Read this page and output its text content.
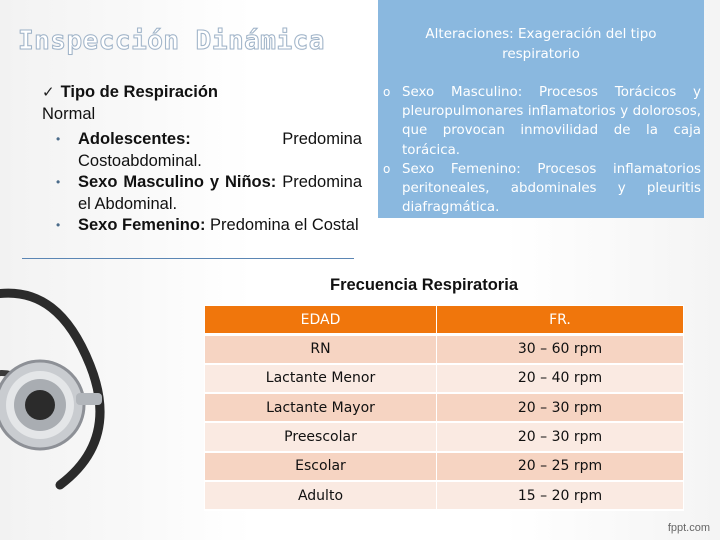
Inspección Dinámica
✓ Tipo de Respiración
Normal
• Adolescentes: Predomina Costoabdominal.
• Sexo Masculino y Niños: Predomina el Abdominal.
• Sexo Femenino: Predomina el Costal
Alteraciones: Exageración del tipo
respiratorio
o Sexo Masculino: Procesos Torácicos y pleuropulmonares inflamatorios y dolorosos, que provocan inmovilidad de la caja torácica.
o Sexo Femenino: Procesos inflamatorios peritoneales, abdominales y pleuritis diafragmática.
Frecuencia Respiratoria
EDAD	FR.
RN	30 – 60 rpm
Lactante Menor	20 – 40 rpm
Lactante Mayor	20 – 30 rpm
Preescolar	20 – 30 rpm
Escolar	20 – 25 rpm
Adulto	15 – 20 rpm
fppt.com
